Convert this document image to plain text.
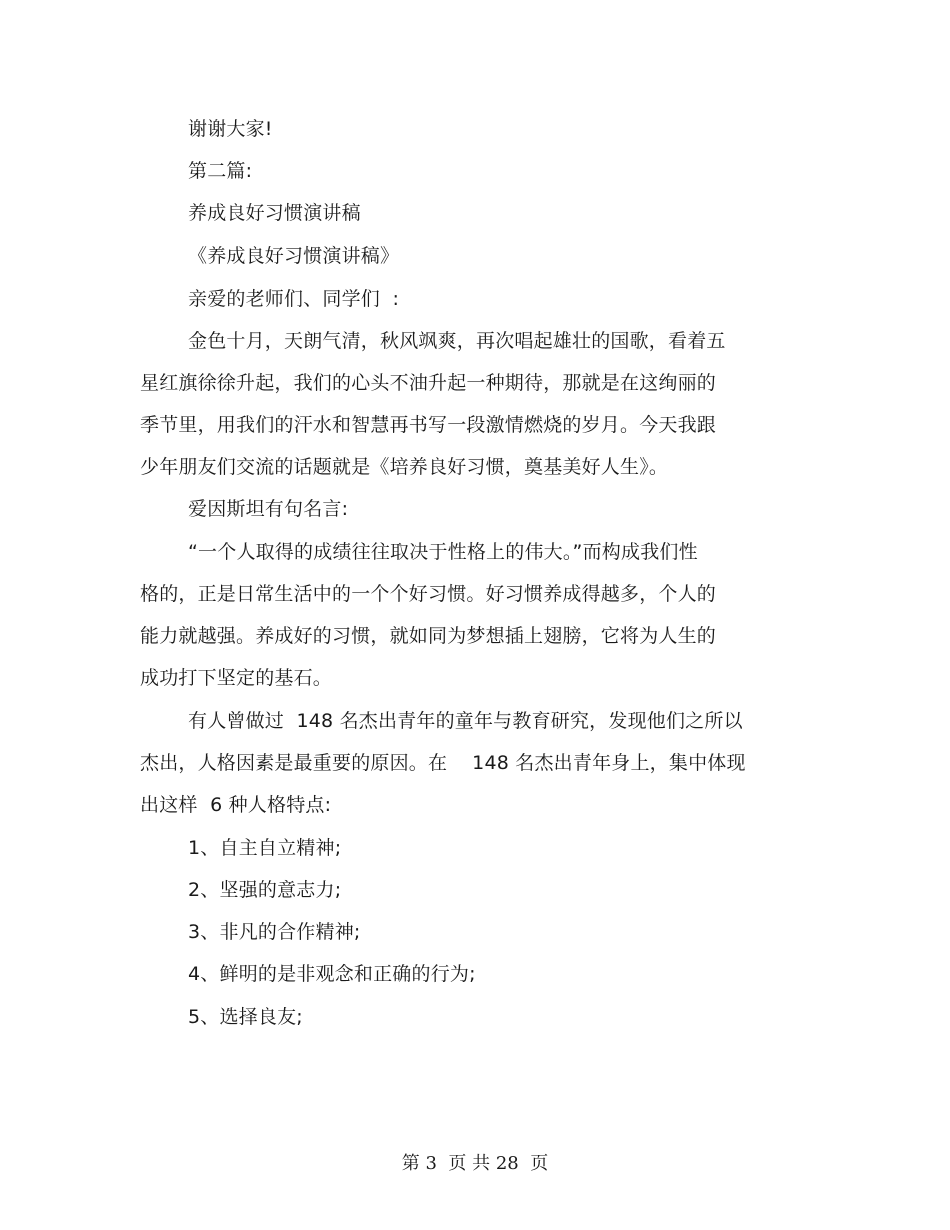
谢谢大家!
第二篇:
养成良好习惯演讲稿
《养成良好习惯演讲稿》
亲爱的老师们、同学们  :
金色十月，天朗气清，秋风飒爽，再次唱起雄壮的国歌，看着五
星红旗徐徐升起，我们的心头不油升起一种期待，那就是在这绚丽的
季节里，用我们的汗水和智慧再书写一段激情燃烧的岁月。今天我跟
少年朋友们交流的话题就是《培养良好习惯，奠基美好人生》。
爱因斯坦有句名言:
“一个人取得的成绩往往取决于性格上的伟大。”而构成我们性
格的，正是日常生活中的一个个好习惯。好习惯养成得越多，个人的
能力就越强。养成好的习惯，就如同为梦想插上翅膀，它将为人生的
成功打下坚定的基石。
有人曾做过  148 名杰出青年的童年与教育研究，发现他们之所以
杰出，人格因素是最重要的原因。在    148 名杰出青年身上，集中体现
出这样  6 种人格特点:
1、自主自立精神;
2、坚强的意志力;
3、非凡的合作精神;
4、鲜明的是非观念和正确的行为;
5、选择良友;
第 3  页 共 28  页
